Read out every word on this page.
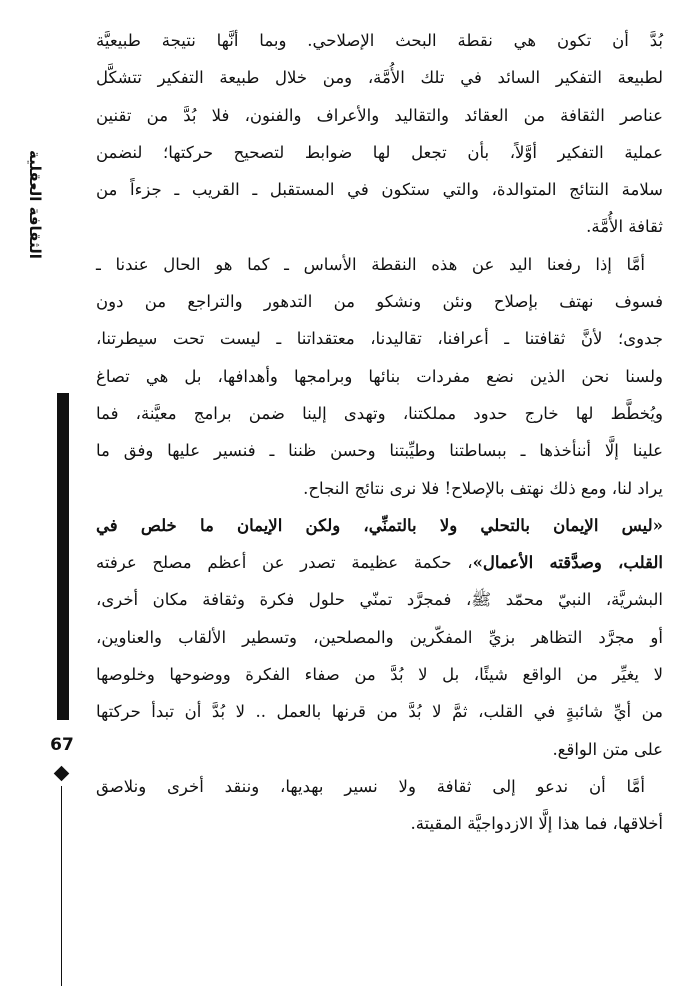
بُدَّ أن تكون هي نقطة البحث الإصلاحي. وبما أنَّها نتيجة طبيعيَّة
لطبيعة التفكير السائد في تلك الأُمَّة، ومن خلال طبيعة التفكير تتشكَّل
عناصر الثقافة من العقائد والتقاليد والأعراف والفنون، فلا بُدَّ من تقنين
عملية التفكير أوَّلاً، بأن تجعل لها ضوابط لتصحيح حركتها؛ لنضمن
سلامة النتائج المتوالدة، والتي ستكون في المستقبل ـ القريب ـ جزءاً من
ثقافة الأُمَّة.

أمَّا إذا رفعنا اليد عن هذه النقطة الأساس ـ كما هو الحال عندنا ـ
فسوف نهتف بإصلاح ونئن ونشكو من التدهور والتراجع من دون
جدوى؛ لأنَّ ثقافتنا ـ أعرافنا، تقاليدنا، معتقداتنا ـ ليست تحت سيطرتنا،
ولسنا نحن الذين نضع مفردات بنائها وبرامجها وأهدافها، بل هي تصاغ
ويُخطَّط لها خارج حدود مملكتنا، وتهدى إلينا ضمن برامج معيَّنة، فما
علينا إلَّا أننأخذها ـ ببساطتنا وطيِّبتنا وحسن ظننا ـ فنسير عليها وفق ما
يراد لنا، ومع ذلك نهتف بالإصلاح! فلا نرى نتائج النجاح.

«ليس الإيمان بالتحلي ولا بالتمنِّي، ولكن الإيمان ما خلص في
القلب، وصدَّقته الأعمال»، حكمة عظيمة تصدر عن أعظم مصلح عرفته
البشريَّة، النبيّ محمّد ﷺ، فمجرَّد تمنّي حلول فكرة وثقافة مكان أخرى،
أو مجرَّد التظاهر بزيِّ المفكّرين والمصلحين، وتسطير الألقاب والعناوين،
لا يغيِّر من الواقع شيئًا، بل لا بُدَّ من صفاء الفكرة ووضوحها وخلوصها
من أيِّ شائبةٍ في القلب، ثمَّ لا بُدَّ من قرنها بالعمل .. لا بُدَّ أن تبدأ حركتها
على متن الواقع.

أمَّا أن ندعو إلى ثقافة ولا نسير بهديها، وننقد أخرى ونلاصق
أخلاقها، فما هذا إلَّا الازدواجيَّة المقيتة.

الثقافة العقلية
67
